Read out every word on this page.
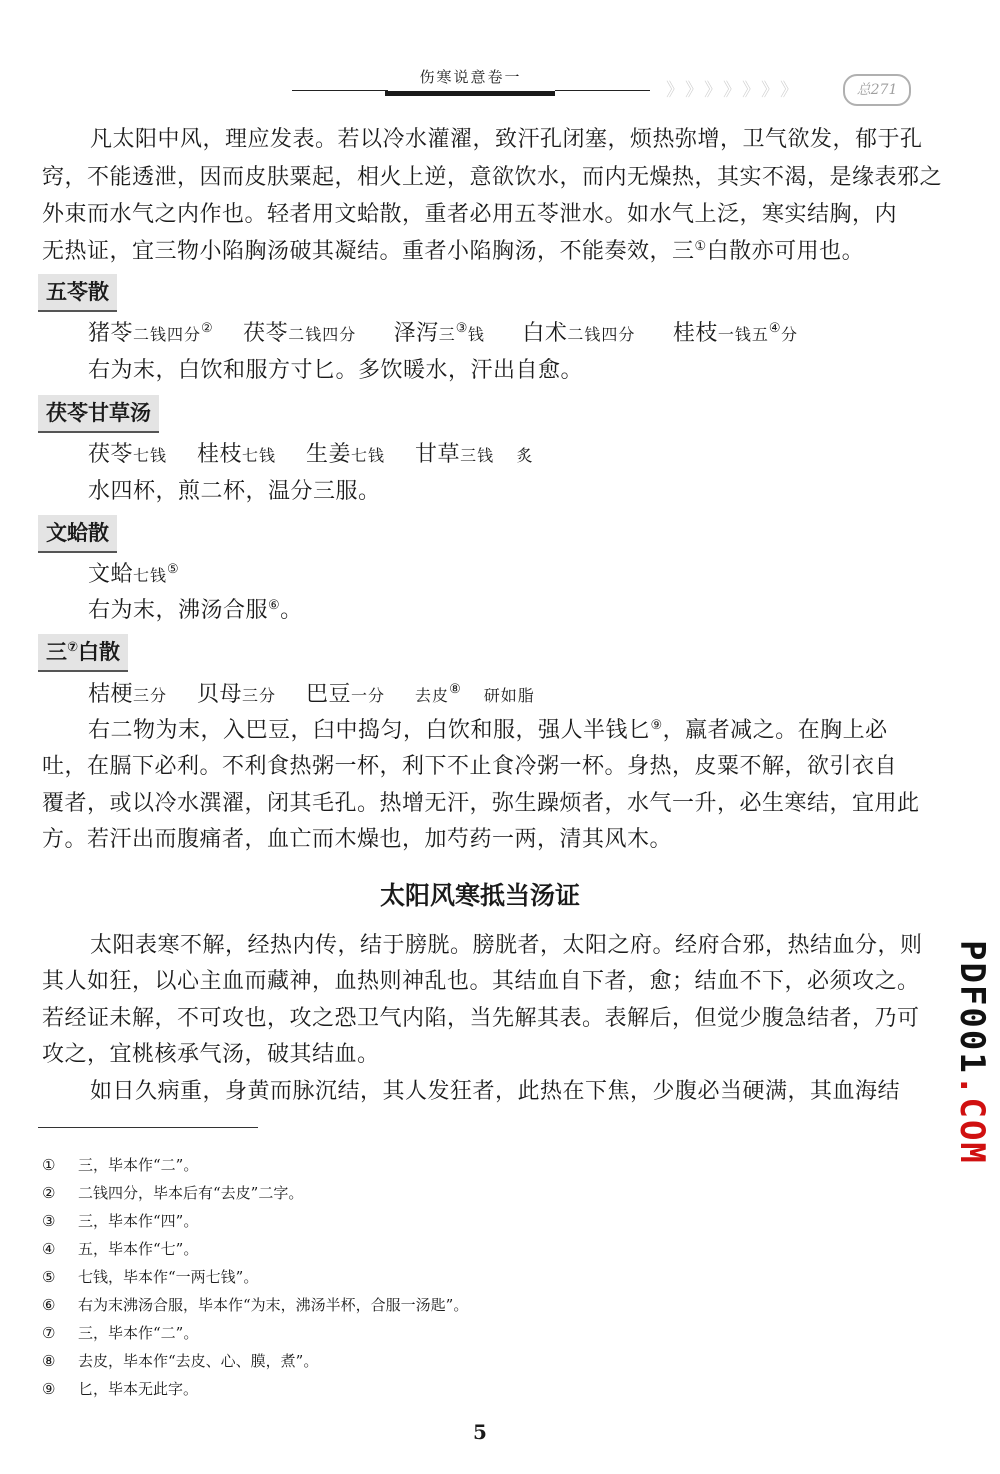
伤寒说意卷一
》》》》》》》	总271
凡太阳中风，理应发表。若以冷水灌濯，致汗孔闭塞，烦热弥增，卫气欲发，郁于孔
窍，不能透泄，因而皮肤粟起，相火上逆，意欲饮水，而内无燥热，其实不渴，是缘表邪之
外束而水气之内作也。轻者用文蛤散，重者必用五苓泄水。如水气上泛，寒实结胸，内
无热证，宜三物小陷胸汤破其凝结。重者小陷胸汤，不能奏效，三①白散亦可用也。
五苓散
猪苓二钱四分② 茯苓二钱四分 泽泻三③钱 白术二钱四分 桂枝一钱五④分
右为末，白饮和服方寸匕。多饮暖水，汗出自愈。
茯苓甘草汤
茯苓七钱 桂枝七钱 生姜七钱 甘草三钱 炙
水四杯，煎二杯，温分三服。
文蛤散
文蛤七钱⑤
右为末，沸汤合服⑥。
三⑦白散
桔梗三分 贝母三分 巴豆一分 去皮⑧ 研如脂
右二物为末，入巴豆，臼中捣匀，白饮和服，强人半钱匕⑨，羸者减之。在胸上必
吐，在膈下必利。不利食热粥一杯，利下不止食冷粥一杯。身热，皮粟不解，欲引衣自
覆者，或以冷水潠濯，闭其毛孔。热增无汗，弥生躁烦者，水气一升，必生寒结，宜用此
方。若汗出而腹痛者，血亡而木燥也，加芍药一两，清其风木。
太阳风寒抵当汤证
太阳表寒不解，经热内传，结于膀胱。膀胱者，太阳之府。经府合邪，热结血分，则
其人如狂，以心主血而藏神，血热则神乱也。其结血自下者，愈；结血不下，必须攻之。
若经证未解，不可攻也，攻之恐卫气内陷，当先解其表。表解后，但觉少腹急结者，乃可
攻之，宜桃核承气汤，破其结血。
如日久病重，身黄而脉沉结，其人发狂者，此热在下焦，少腹必当硬满，其血海结
PDF001
.COM
① 三，毕本作“二”。
② 二钱四分，毕本后有“去皮”二字。
③ 三，毕本作“四”。
④ 五，毕本作“七”。
⑤ 七钱，毕本作“一两七钱”。
⑥ 右为末沸汤合服，毕本作“为末，沸汤半杯，合服一汤匙”。
⑦ 三，毕本作“二”。
⑧ 去皮，毕本作“去皮、心、膜，煮”。
⑨ 匕，毕本无此字。
5
